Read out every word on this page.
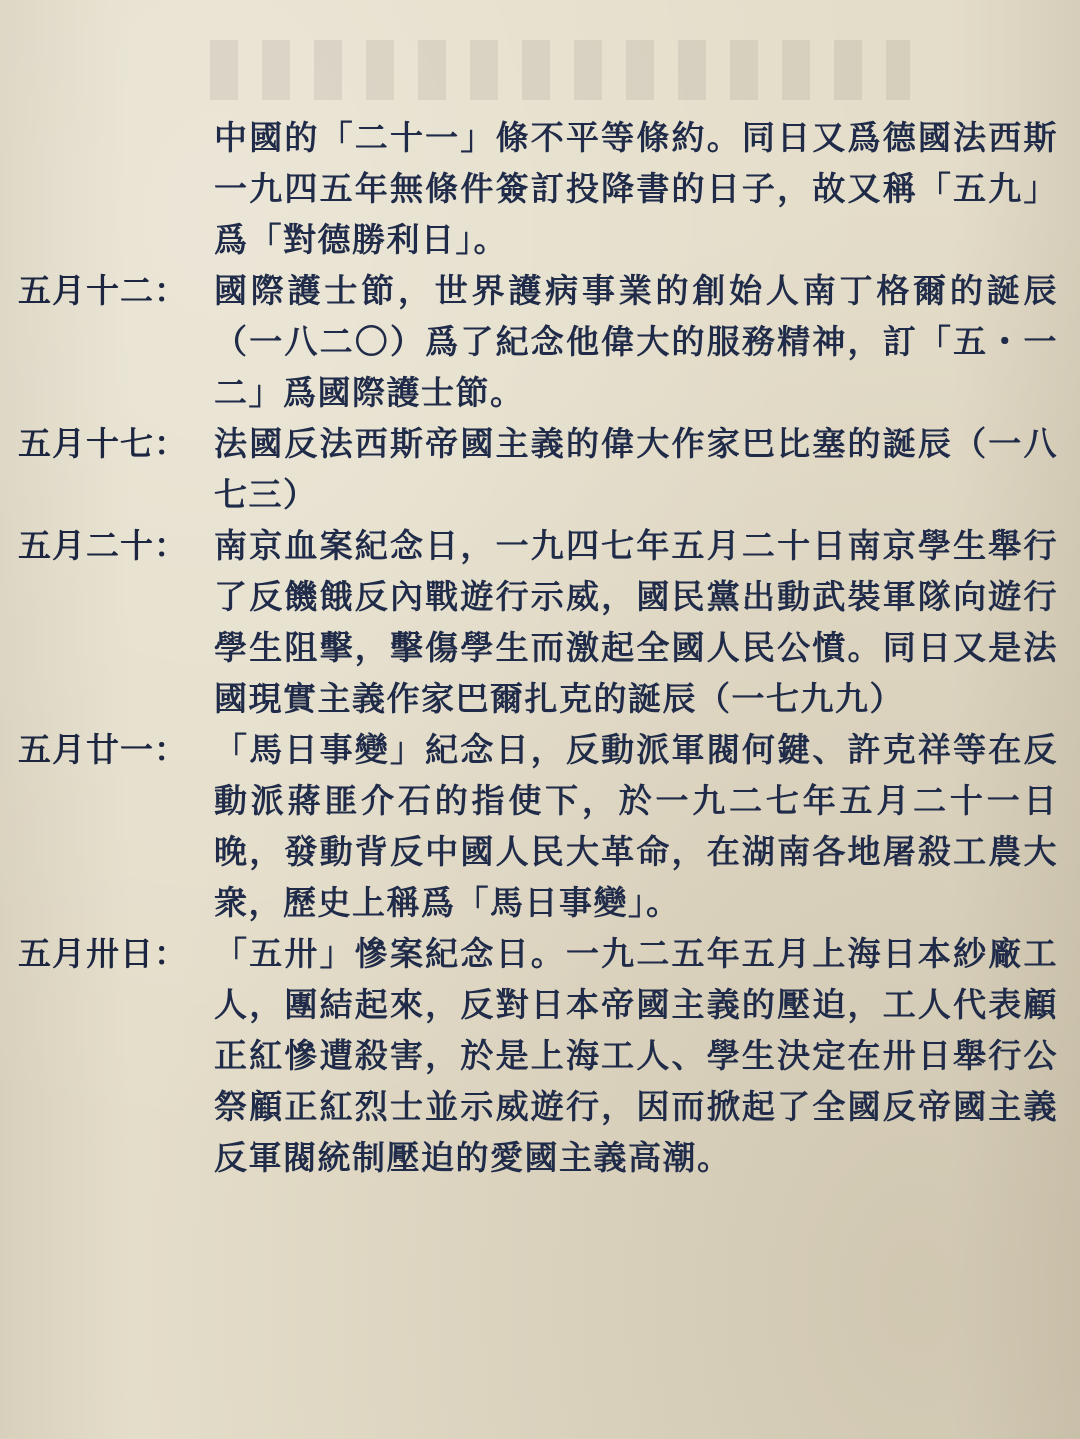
中國的「二十一」條不平等條約。同日又爲德國法西斯一九四五年無條件簽訂投降書的日子，故又稱「五九」爲「對德勝利日」。
五月十二： 國際護士節，世界護病事業的創始人南丁格爾的誕辰（一八二〇）爲了紀念他偉大的服務精神，訂「五・一二」爲國際護士節。
五月十七： 法國反法西斯帝國主義的偉大作家巴比塞的誕辰（一八七三）
五月二十： 南京血案紀念日，一九四七年五月二十日南京學生舉行了反饑餓反內戰遊行示威，國民黨出動武裝軍隊向遊行學生阻擊，擊傷學生而激起全國人民公憤。同日又是法國現實主義作家巴爾扎克的誕辰（一七九九）
五月廿一： 「馬日事變」紀念日，反動派軍閥何鍵、許克祥等在反動派蔣匪介石的指使下，於一九二七年五月二十一日晚，發動背反中國人民大革命，在湖南各地屠殺工農大衆，歷史上稱爲「馬日事變」。
五月卅日： 「五卅」慘案紀念日。一九二五年五月上海日本紗廠工人，團結起來，反對日本帝國主義的壓迫，工人代表顧正紅慘遭殺害，於是上海工人、學生決定在卅日舉行公祭顧正紅烈士並示威遊行，因而掀起了全國反帝國主義反軍閥統制壓迫的愛國主義高潮。
